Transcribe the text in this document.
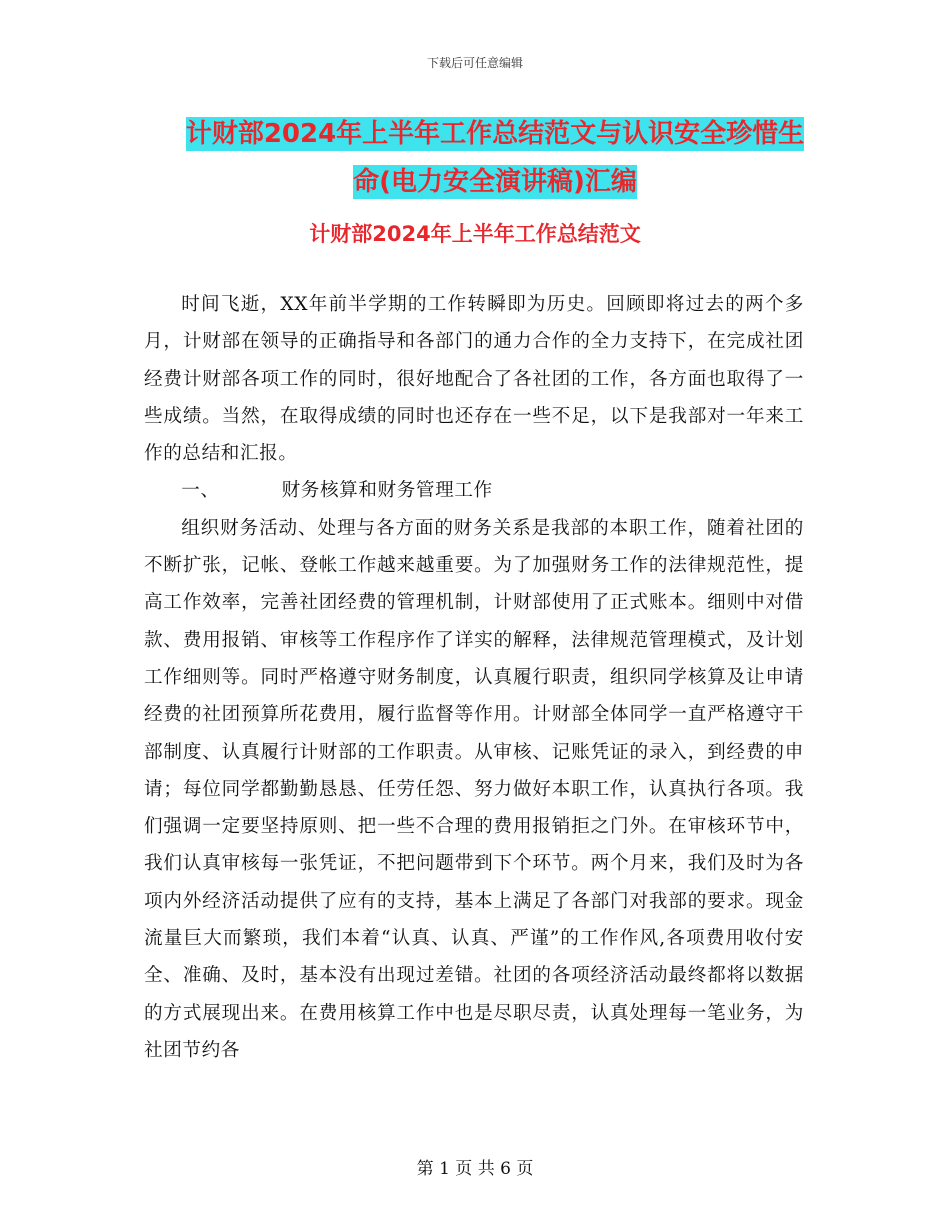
下载后可任意编辑
计财部2024年上半年工作总结范文与认识安全珍惜生
命(电力安全演讲稿)汇编
计财部2024年上半年工作总结范文

时间飞逝，XX年前半学期的工作转瞬即为历史。回顾即将过去的两个多月，计财部在领导的正确指导和各部门的通力合作的全力支持下，在完成社团经费计财部各项工作的同时，很好地配合了各社团的工作，各方面也取得了一些成绩。当然，在取得成绩的同时也还存在一些不足，以下是我部对一年来工作的总结和汇报。

一、	财务核算和财务管理工作

组织财务活动、处理与各方面的财务关系是我部的本职工作，随着社团的不断扩张，记帐、登帐工作越来越重要。为了加强财务工作的法律规范性，提高工作效率，完善社团经费的管理机制，计财部使用了正式账本。细则中对借款、费用报销、审核等工作程序作了详实的解释，法律规范管理模式，及计划工作细则等。同时严格遵守财务制度，认真履行职责，组织同学核算及让申请经费的社团预算所花费用，履行监督等作用。计财部全体同学一直严格遵守干部制度、认真履行计财部的工作职责。从审核、记账凭证的录入，到经费的申请；每位同学都勤勤恳恳、任劳任怨、努力做好本职工作，认真执行各项。我们强调一定要坚持原则、把一些不合理的费用报销拒之门外。在审核环节中，我们认真审核每一张凭证，不把问题带到下个环节。两个月来，我们及时为各项内外经济活动提供了应有的支持，基本上满足了各部门对我部的要求。现金流量巨大而繁琐，我们本着“认真、认真、严谨”的工作作风,各项费用收付安全、准确、及时，基本没有出现过差错。社团的各项经济活动最终都将以数据的方式展现出来。在费用核算工作中也是尽职尽责，认真处理每一笔业务，为社团节约各

第 1 页 共 6 页
